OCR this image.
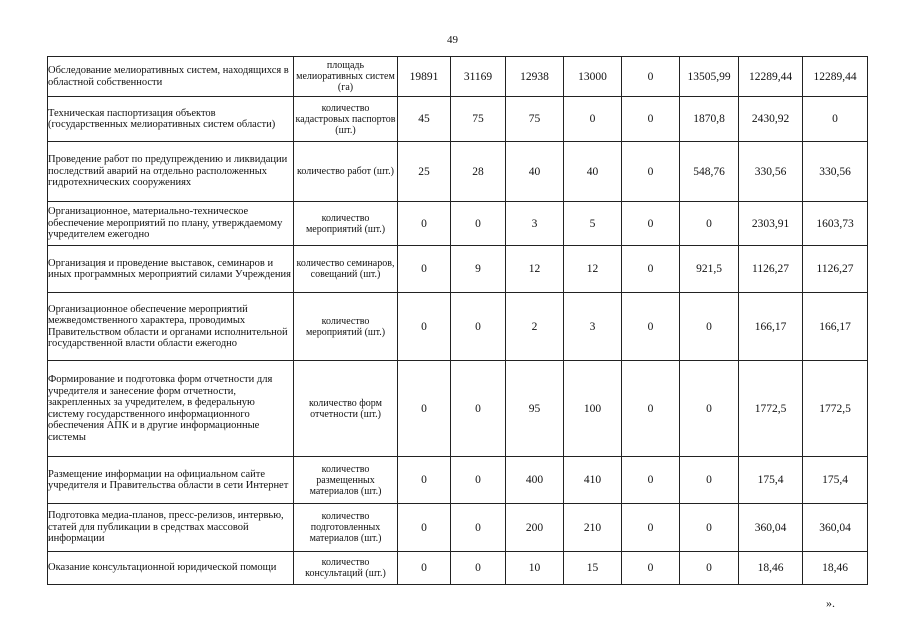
49
Обследование мелиоративных систем, находящихся в областной собственности	площадь мелиоративных систем (га)	19891	31169	12938	13000	0	13505,99	12289,44	12289,44
Техническая паспортизация объектов (государственных мелиоративных систем области)	количество кадастровых паспортов (шт.)	45	75	75	0	0	1870,8	2430,92	0
Проведение работ по предупреждению и ликвидации последствий аварий на отдельно расположенных гидротехнических сооружениях	количество работ (шт.)	25	28	40	40	0	548,76	330,56	330,56
Организационное, материально-техническое обеспечение мероприятий по плану, утверждаемому учредителем ежегодно	количество мероприятий (шт.)	0	0	3	5	0	0	2303,91	1603,73
Организация и проведение выставок, семинаров и иных программных мероприятий силами Учреждения	количество семинаров, совещаний (шт.)	0	9	12	12	0	921,5	1126,27	1126,27
Организационное обеспечение мероприятий межведомственного характера, проводимых Правительством области и органами исполнительной государственной власти области ежегодно	количество мероприятий (шт.)	0	0	2	3	0	0	166,17	166,17
Формирование и подготовка форм отчетности для учредителя и занесение форм отчетности, закрепленных за учредителем, в федеральную систему государственного информационного обеспечения АПК и в другие информационные системы	количество форм отчетности (шт.)	0	0	95	100	0	0	1772,5	1772,5
Размещение информации на официальном сайте учредителя и Правительства области в сети Интернет	количество размещенных материалов (шт.)	0	0	400	410	0	0	175,4	175,4
Подготовка медиа-планов, пресс-релизов, интервью, статей для публикации в средствах массовой информации	количество подготовленных материалов (шт.)	0	0	200	210	0	0	360,04	360,04
Оказание консультационной юридической помощи	количество консультаций (шт.)	0	0	10	15	0	0	18,46	18,46
».
